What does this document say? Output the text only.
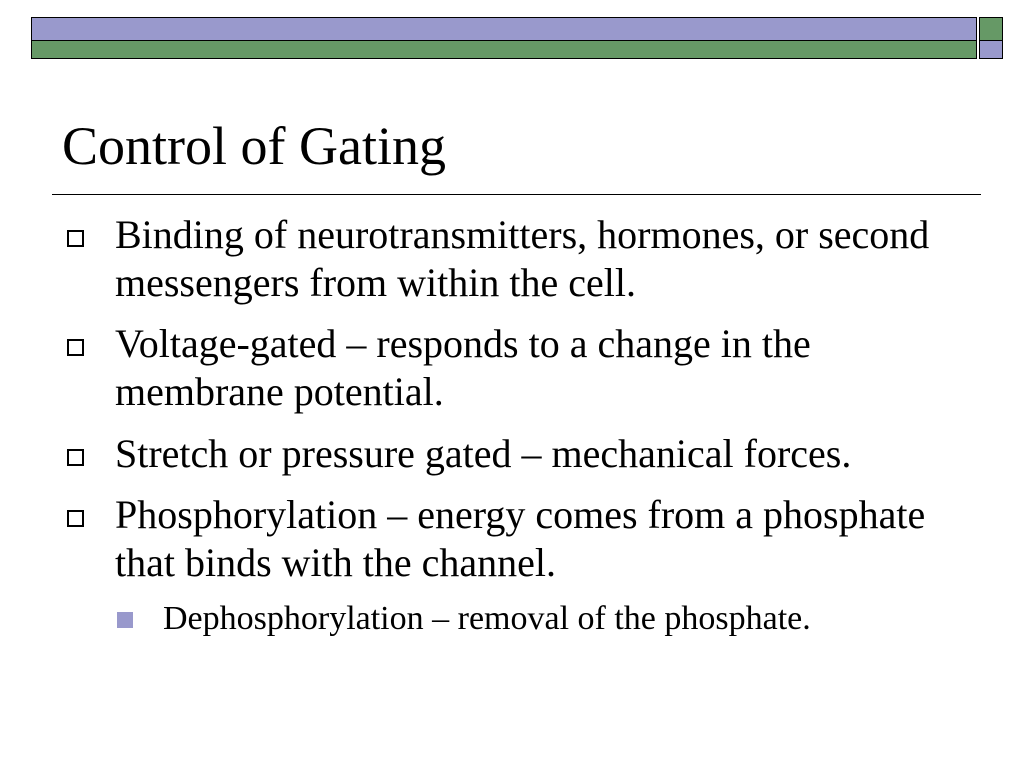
Control of Gating
Binding of neurotransmitters, hormones, or second messengers from within the cell.
Voltage-gated – responds to a change in the membrane potential.
Stretch or pressure gated – mechanical forces.
Phosphorylation – energy comes from a phosphate that binds with the channel.
Dephosphorylation – removal of the phosphate.
